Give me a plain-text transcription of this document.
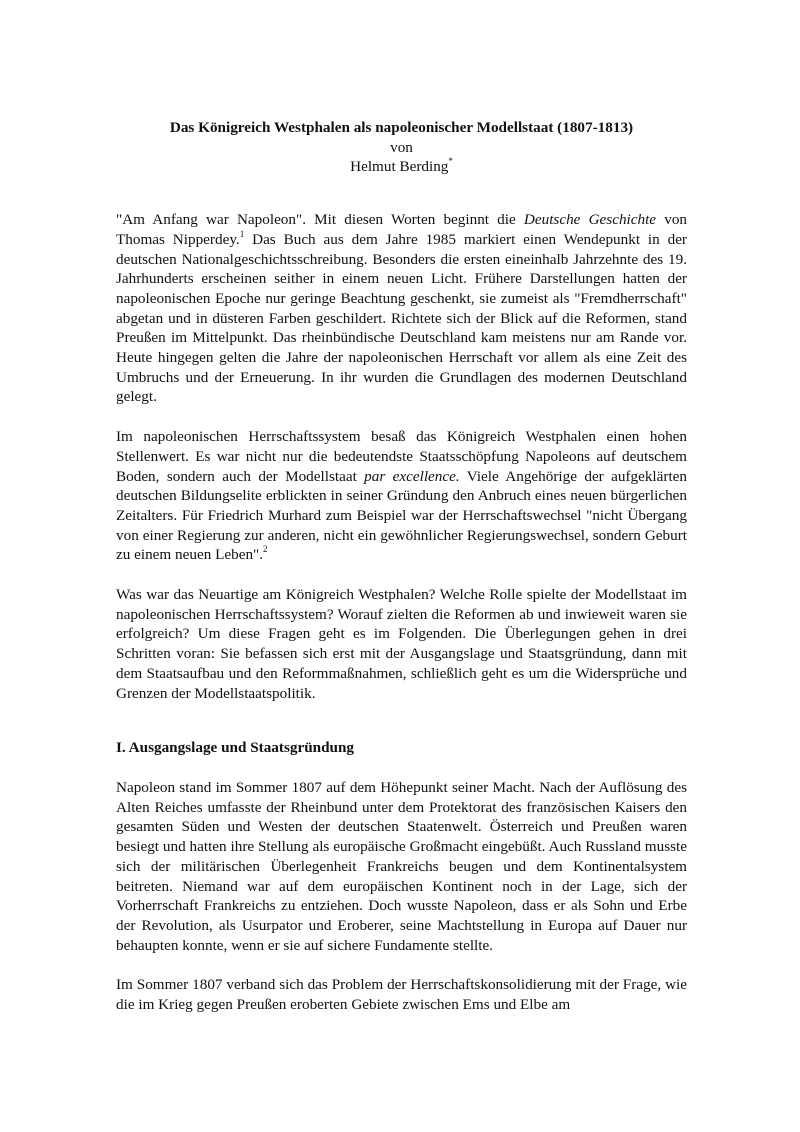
Das Königreich Westphalen als napoleonischer Modellstaat (1807-1813)
von
Helmut Berding*

"Am Anfang war Napoleon". Mit diesen Worten beginnt die Deutsche Geschichte von Thomas Nipperdey.$^1$ Das Buch aus dem Jahre 1985 markiert einen Wendepunkt in der deutschen Nationalgeschichtsschreibung. Besonders die ersten eineinhalb Jahrzehnte des 19. Jahrhunderts erscheinen seither in einem neuen Licht. Frühere Darstellungen hatten der napoleonischen Epoche nur geringe Beachtung geschenkt, sie zumeist als "Fremdherrschaft" abgetan und in düsteren Farben geschildert. Richtete sich der Blick auf die Reformen, stand Preußen im Mittelpunkt. Das rheinbündische Deutschland kam meistens nur am Rande vor. Heute hingegen gelten die Jahre der napoleonischen Herrschaft vor allem als eine Zeit des Umbruchs und der Erneuerung. In ihr wurden die Grundlagen des modernen Deutschland gelegt.

Im napoleonischen Herrschaftssystem besaß das Königreich Westphalen einen hohen Stellenwert. Es war nicht nur die bedeutendste Staatsschöpfung Napoleons auf deutschem Boden, sondern auch der Modellstaat par excellence. Viele Angehörige der aufgeklärten deutschen Bildungselite erblickten in seiner Gründung den Anbruch eines neuen bürgerlichen Zeitalters. Für Friedrich Murhard zum Beispiel war der Herrschaftswechsel "nicht Übergang von einer Regierung zur anderen, nicht ein gewöhnlicher Regierungswechsel, sondern Geburt zu einem neuen Leben".$^2$

Was war das Neuartige am Königreich Westphalen? Welche Rolle spielte der Modellstaat im napoleonischen Herrschaftssystem? Worauf zielten die Reformen ab und inwieweit waren sie erfolgreich? Um diese Fragen geht es im Folgenden. Die Überlegungen gehen in drei Schritten voran: Sie befassen sich erst mit der Ausgangslage und Staatsgründung, dann mit dem Staatsaufbau und den Reformmaßnahmen, schließlich geht es um die Widersprüche und Grenzen der Modellstaatspolitik.

I. Ausgangslage und Staatsgründung

Napoleon stand im Sommer 1807 auf dem Höhepunkt seiner Macht. Nach der Auflösung des Alten Reiches umfasste der Rheinbund unter dem Protektorat des französischen Kaisers den gesamten Süden und Westen der deutschen Staatenwelt. Österreich und Preußen waren besiegt und hatten ihre Stellung als europäische Großmacht eingebüßt. Auch Russland musste sich der militärischen Überlegenheit Frankreichs beugen und dem Kontinentalsystem beitreten. Niemand war auf dem europäischen Kontinent noch in der Lage, sich der Vorherrschaft Frankreichs zu entziehen. Doch wusste Napoleon, dass er als Sohn und Erbe der Revolution, als Usurpator und Eroberer, seine Machtstellung in Europa auf Dauer nur behaupten konnte, wenn er sie auf sichere Fundamente stellte.

Im Sommer 1807 verband sich das Problem der Herrschaftskonsolidierung mit der Frage, wie die im Krieg gegen Preußen eroberten Gebiete zwischen Ems und Elbe am
